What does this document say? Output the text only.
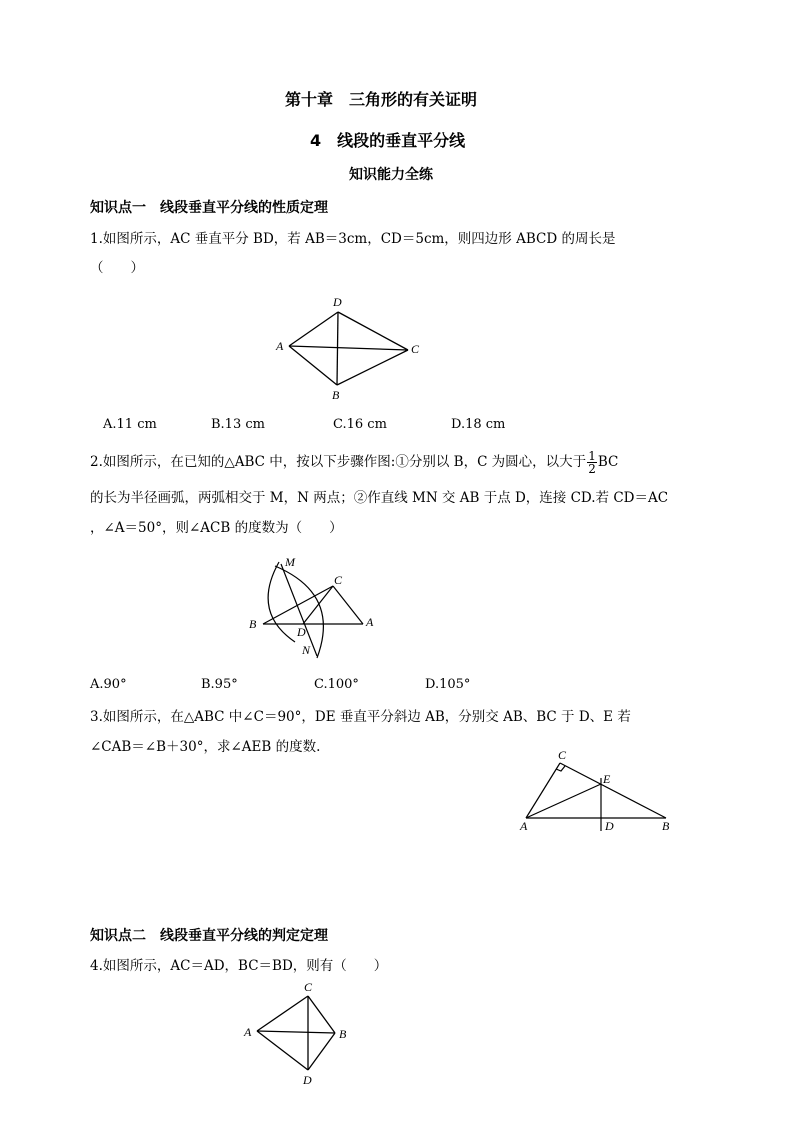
第十章　三角形的有关证明
4　线段的垂直平分线
知识能力全练
知识点一　线段垂直平分线的性质定理
1.如图所示，AC 垂直平分 BD，若 AB＝3cm，CD＝5cm，则四边形 ABCD 的周长是
（　　）
D
A	C
B
A.11 cm	B.13 cm	C.16 cm	D.18 cm
2.如图所示，在已知的△ABC 中，按以下步骤作图:①分别以 B，C 为圆心，以大于 $\frac{1}{2}$ BC
的长为半径画弧，两弧相交于 M，N 两点；②作直线 MN 交 AB 于点 D，连接 CD.若 CD＝AC
，∠A＝50°，则∠ACB 的度数为（　　）
B
M
C
A
D
N
A.90°	B.95°	C.100°	D.105°
3.如图所示，在△ABC 中∠C＝90°，DE 垂直平分斜边 AB，分别交 AB、BC 于 D、E 若
∠CAB＝∠B＋30°，求∠AEB 的度数.	C
E
A	D	B
知识点二　线段垂直平分线的判定定理
4.如图所示，AC＝AD，BC＝BD，则有（　　）
C
A	B
D
